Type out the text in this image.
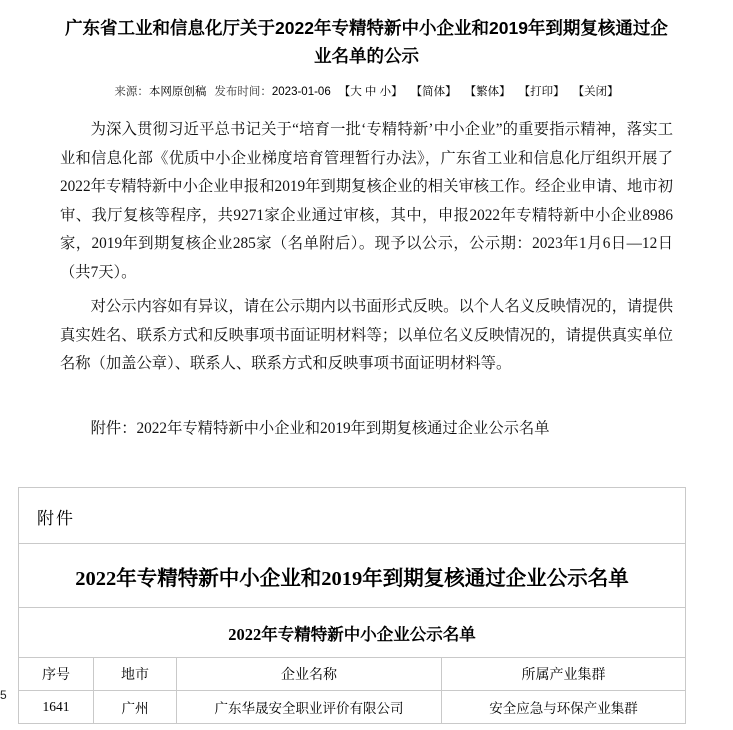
广东省工业和信息化厅关于2022年专精特新中小企业和2019年到期复核通过企业名单的公示
来源：本网原创稿 发布时间：2023-01-06 【大 中 小】 【简体】 【繁体】 【打印】 【关闭】

为深入贯彻习近平总书记关于“培育一批‘专精特新’中小企业”的重要指示精神，落实工业和信息化部《优质中小企业梯度培育管理暂行办法》，广东省工业和信息化厅组织开展了2022年专精特新中小企业申报和2019年到期复核企业的相关审核工作。经企业申请、地市初审、我厅复核等程序，共9271家企业通过审核，其中，申报2022年专精特新中小企业8986家，2019年到期复核企业285家（名单附后）。现予以公示，公示期：2023年1月6日—12日（共7天）。

对公示内容如有异议，请在公示期内以书面形式反映。以个人名义反映情况的，请提供真实姓名、联系方式和反映事项书面证明材料等；以单位名义反映情况的，请提供真实单位名称（加盖公章）、联系人、联系方式和反映事项书面证明材料等。

附件：2022年专精特新中小企业和2019年到期复核通过企业公示名单
5
附件
2022年专精特新中小企业和2019年到期复核通过企业公示名单
2022年专精特新中小企业公示名单
序号	地市	企业名称	所属产业集群
1641	广州	广东华晟安全职业评价有限公司	安全应急与环保产业集群
